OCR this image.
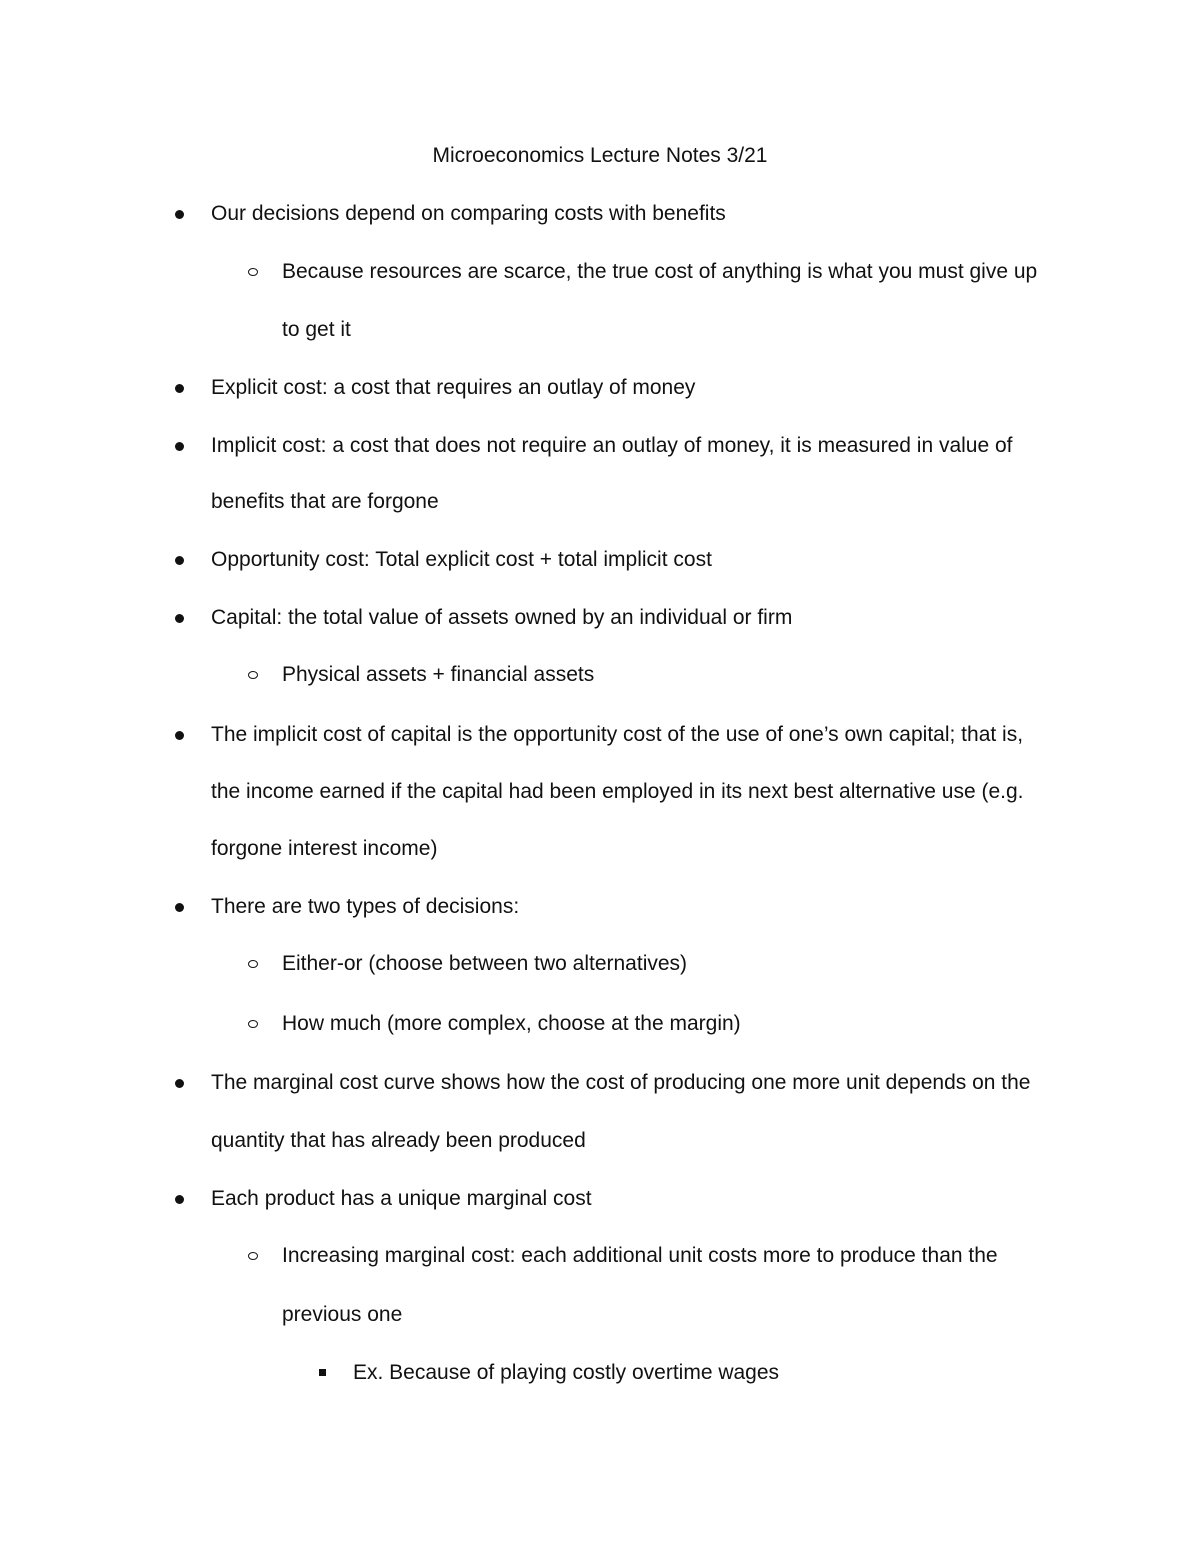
Microeconomics Lecture Notes 3/21
Our decisions depend on comparing costs with benefits
Because resources are scarce, the true cost of anything is what you must give up
to get it
Explicit cost: a cost that requires an outlay of money
Implicit cost: a cost that does not require an outlay of money, it is measured in value of
benefits that are forgone
Opportunity cost: Total explicit cost + total implicit cost
Capital: the total value of assets owned by an individual or firm
Physical assets + financial assets
The implicit cost of capital is the opportunity cost of the use of one’s own capital; that is,
the income earned if the capital had been employed in its next best alternative use (e.g.
forgone interest income)
There are two types of decisions:
Either-or (choose between two alternatives)
How much (more complex, choose at the margin)
The marginal cost curve shows how the cost of producing one more unit depends on the
quantity that has already been produced
Each product has a unique marginal cost
Increasing marginal cost: each additional unit costs more to produce than the
previous one
Ex. Because of playing costly overtime wages
